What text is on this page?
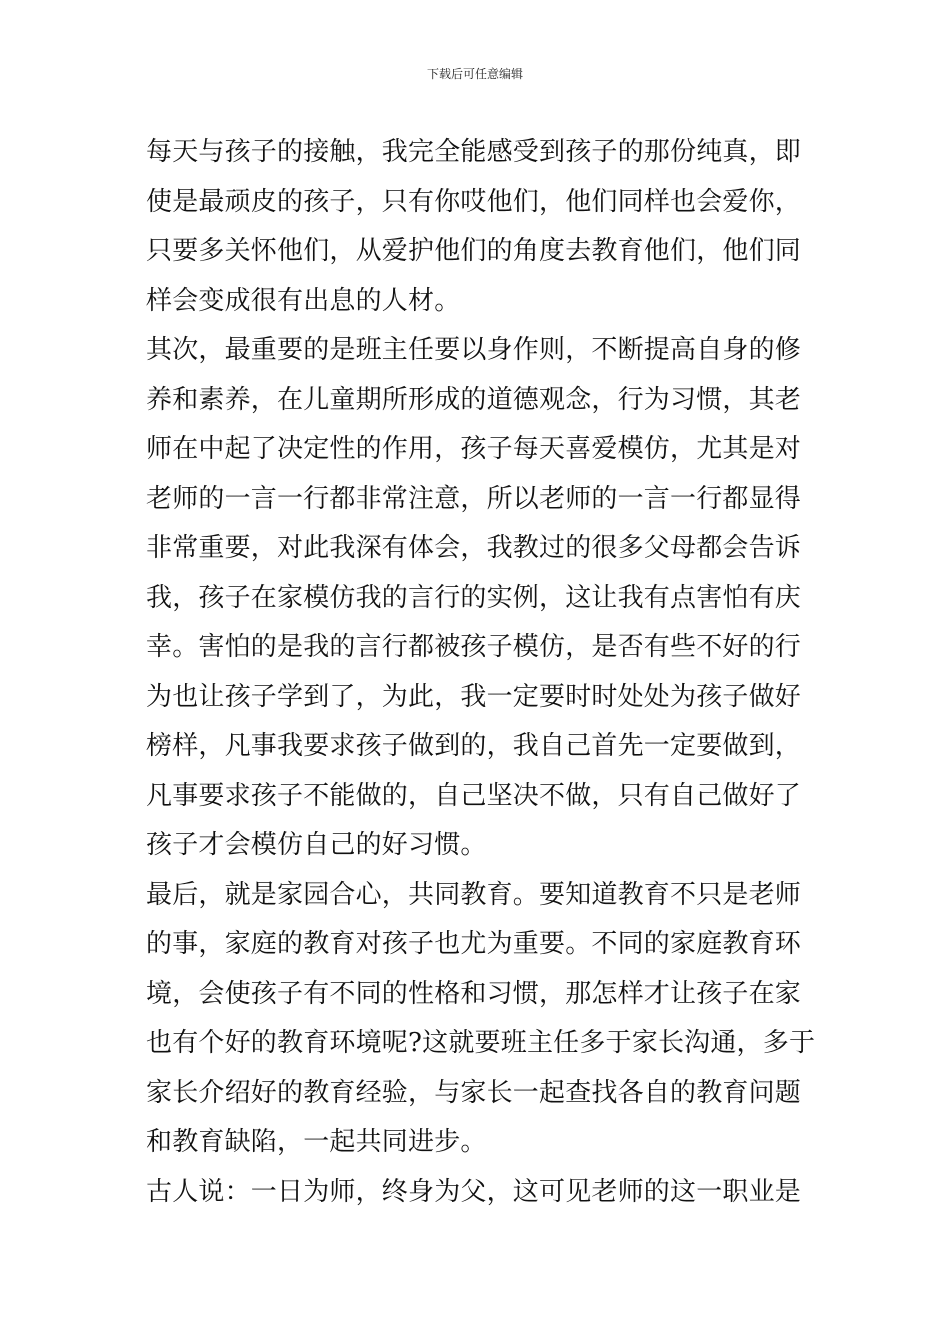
下载后可任意编辑
每天与孩子的接触，我完全能感受到孩子的那份纯真，即
使是最顽皮的孩子，只有你哎他们，他们同样也会爱你，
只要多关怀他们，从爱护他们的角度去教育他们，他们同
样会变成很有出息的人材。
其次，最重要的是班主任要以身作则，不断提高自身的修
养和素养，在儿童期所形成的道德观念，行为习惯，其老
师在中起了决定性的作用，孩子每天喜爱模仿，尤其是对
老师的一言一行都非常注意，所以老师的一言一行都显得
非常重要，对此我深有体会，我教过的很多父母都会告诉
我，孩子在家模仿我的言行的实例，这让我有点害怕有庆
幸。害怕的是我的言行都被孩子模仿，是否有些不好的行
为也让孩子学到了，为此，我一定要时时处处为孩子做好
榜样，凡事我要求孩子做到的，我自己首先一定要做到，
凡事要求孩子不能做的，自己坚决不做，只有自己做好了
孩子才会模仿自己的好习惯。
最后，就是家园合心，共同教育。要知道教育不只是老师
的事，家庭的教育对孩子也尤为重要。不同的家庭教育环
境，会使孩子有不同的性格和习惯，那怎样才让孩子在家
也有个好的教育环境呢?这就要班主任多于家长沟通，多于
家长介绍好的教育经验，与家长一起查找各自的教育问题
和教育缺陷，一起共同进步。
古人说：一日为师，终身为父，这可见老师的这一职业是
